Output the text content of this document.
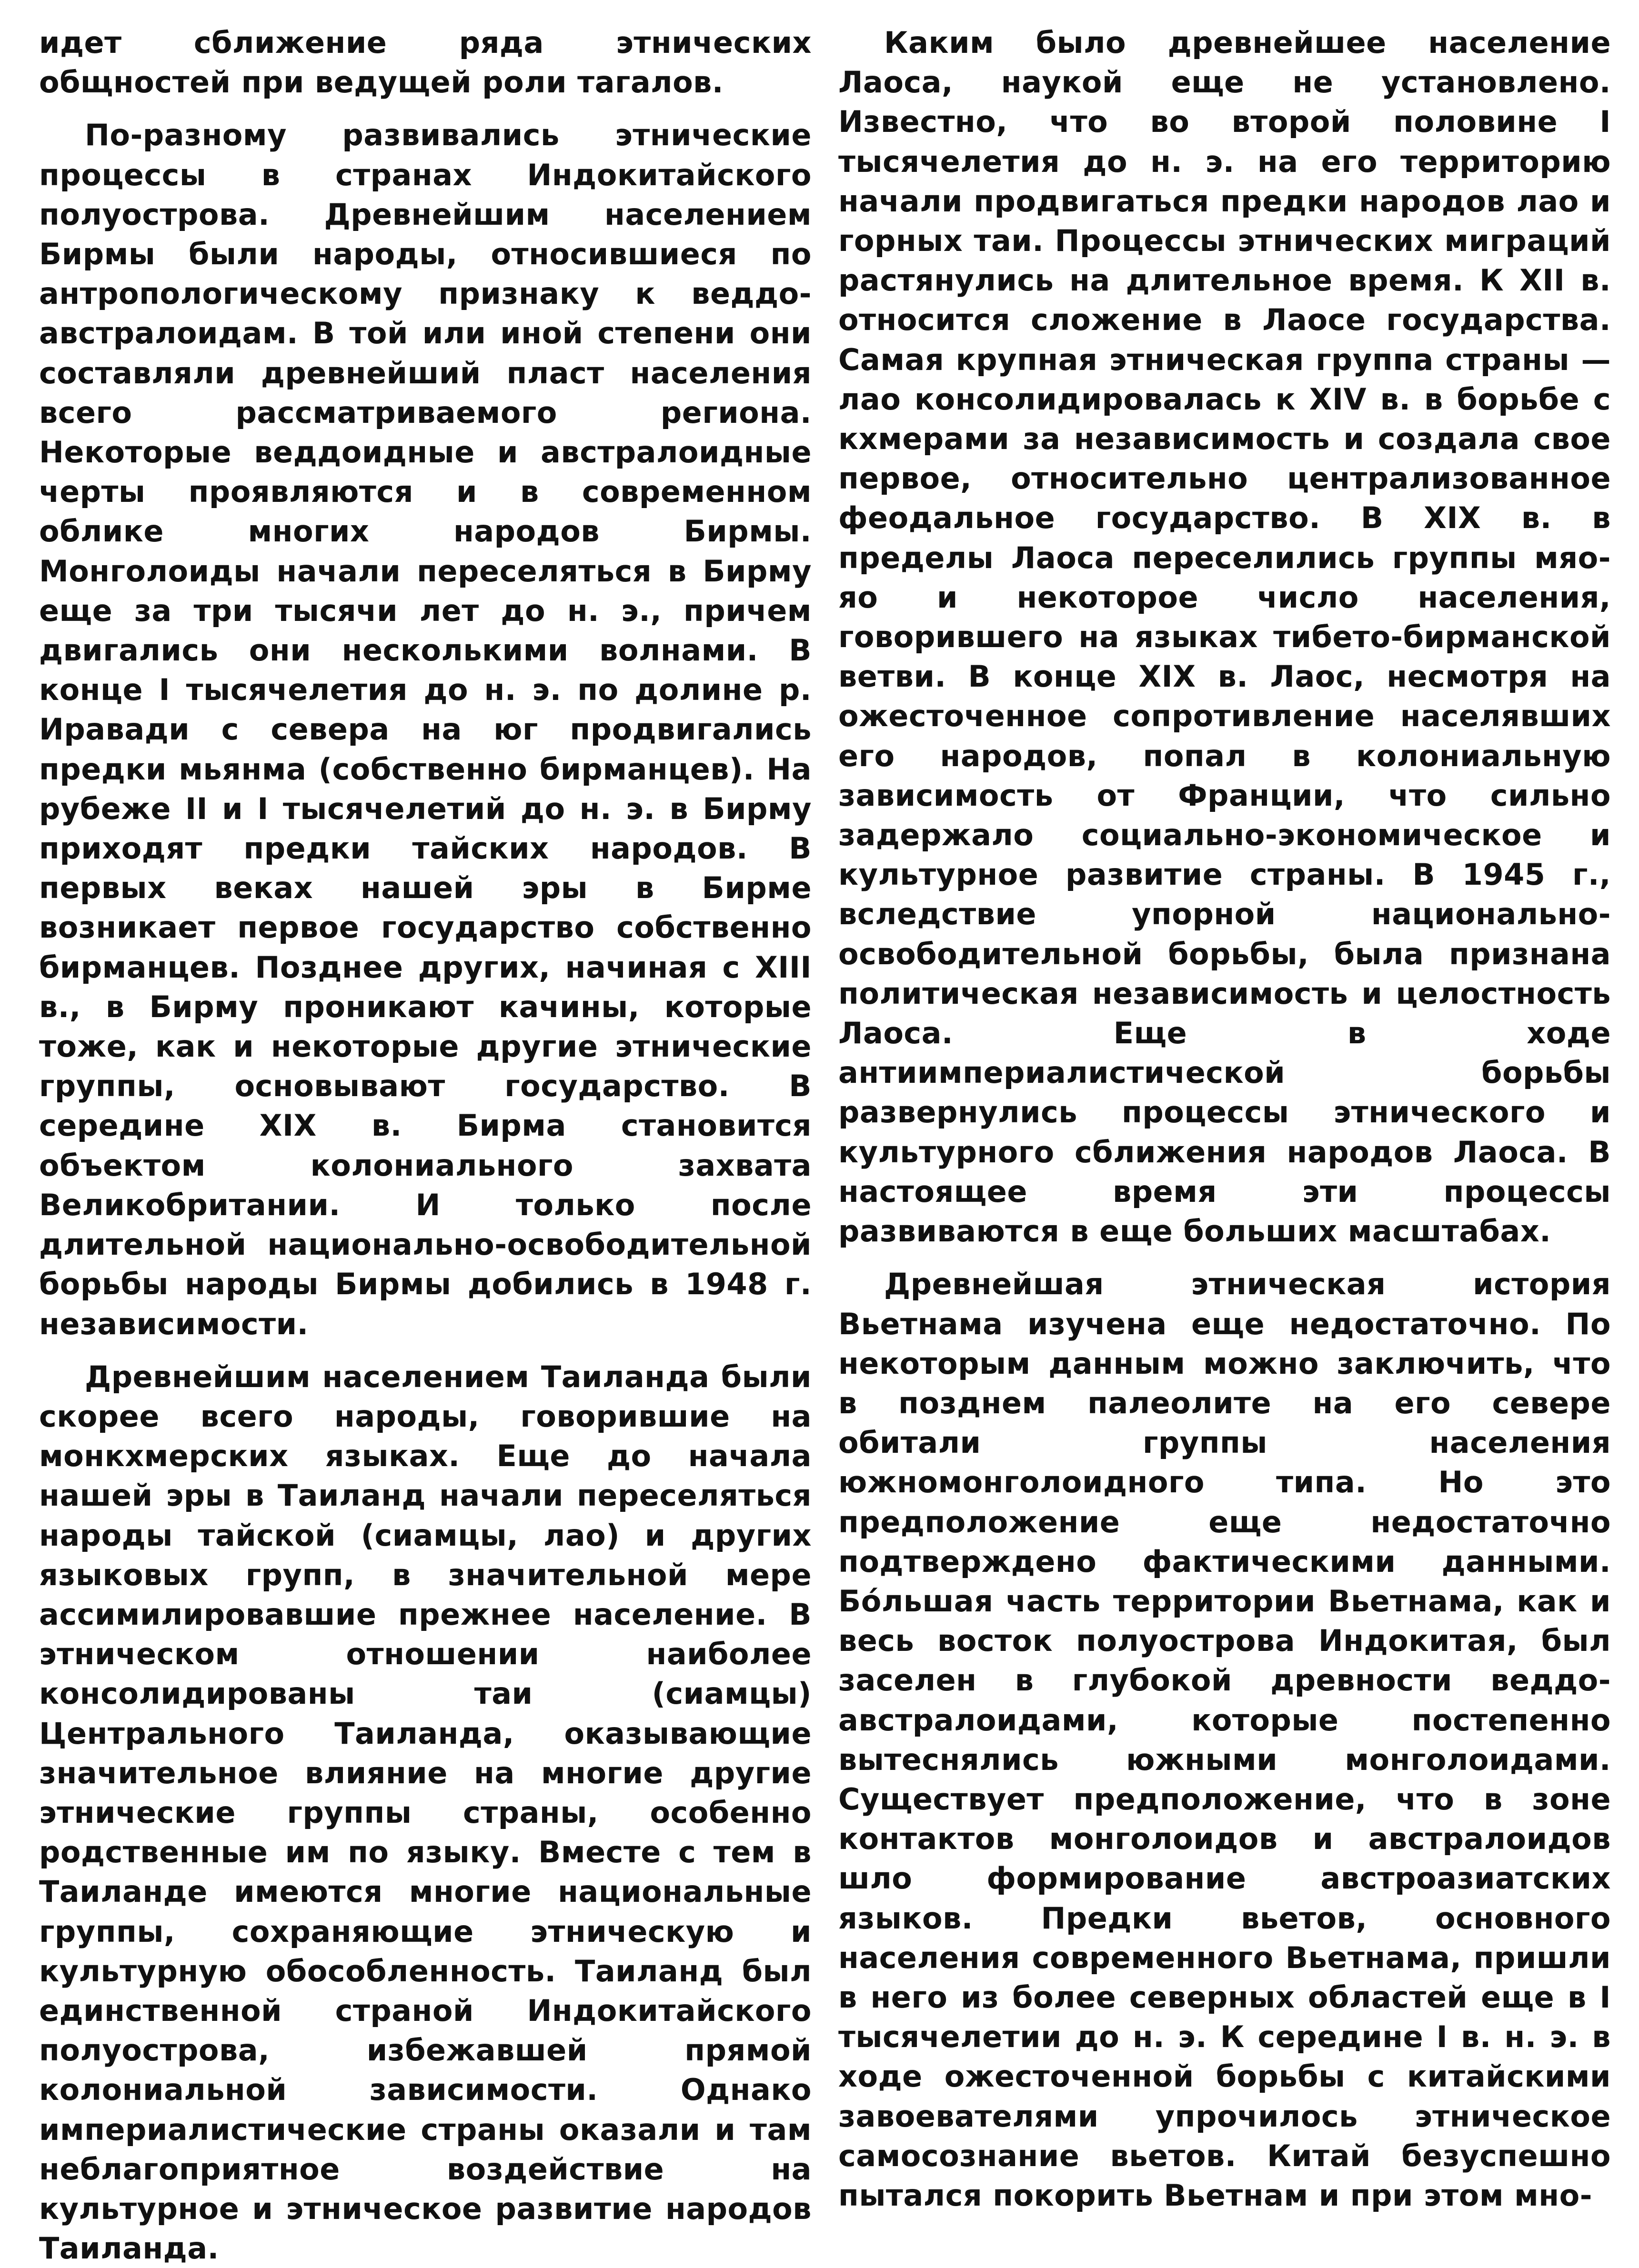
идет сближение ряда этнических общностей при ведущей роли тагалов.

По-разному развивались этнические процессы в странах Индокитайского полуострова. Древнейшим населением Бирмы были народы, относившиеся по антропологическому признаку к веддо-австралоидам. В той или иной степени они составляли древнейший пласт населения всего рассматриваемого региона. Некоторые веддоидные и австралоидные черты проявляются и в современном облике многих народов Бирмы. Монголоиды начали переселяться в Бирму еще за три тысячи лет до н. э., причем двигались они несколькими волнами. В конце I тысячелетия до н. э. по долине р. Иравади с севера на юг продвигались предки мьянма (собственно бирманцев). На рубеже II и I тысячелетий до н. э. в Бирму приходят предки тайских народов. В первых веках нашей эры в Бирме возникает первое государство собственно бирманцев. Позднее других, начиная с XIII в., в Бирму проникают качины, которые тоже, как и некоторые другие этнические группы, основывают государство. В середине XIX в. Бирма становится объектом колониального захвата Великобритании. И только после длительной национально-освободительной борьбы народы Бирмы добились в 1948 г. независимости.

Древнейшим населением Таиланда были скорее всего народы, говорившие на монкхмерских языках. Еще до начала нашей эры в Таиланд начали переселяться народы тайской (сиамцы, лао) и других языковых групп, в значительной мере ассимилировавшие прежнее население. В этническом отношении наиболее консолидированы таи (сиамцы) Центрального Таиланда, оказывающие значительное влияние на многие другие этнические группы страны, особенно родственные им по языку. Вместе с тем в Таиланде имеются многие национальные группы, сохраняющие этническую и культурную обособленность. Таиланд был единственной страной Индокитайского полуострова, избежавшей прямой колониальной зависимости. Однако империалистические страны оказали и там неблагоприятное воздействие на культурное и этническое развитие народов Таиланда.

Каким было древнейшее население Лаоса, наукой еще не установлено. Известно, что во второй половине I тысячелетия до н. э. на его территорию начали продвигаться предки народов лао и горных таи. Процессы этнических миграций растянулись на длительное время. К XII в. относится сложение в Лаосе государства. Самая крупная этническая группа страны — лао консолидировалась к XIV в. в борьбе с кхмерами за независимость и создала свое первое, относительно централизованное феодальное государство. В XIX в. в пределы Лаоса переселились группы мяо-яо и некоторое число населения, говорившего на языках тибето-бирманской ветви. В конце XIX в. Лаос, несмотря на ожесточенное сопротивление населявших его народов, попал в колониальную зависимость от Франции, что сильно задержало социально-экономическое и культурное развитие страны. В 1945 г., вследствие упорной национально-освободительной борьбы, была признана политическая независимость и целостность Лаоса. Еще в ходе антиимпериалистической борьбы развернулись процессы этнического и культурного сближения народов Лаоса. В настоящее время эти процессы развиваются в еще больших масштабах.

Древнейшая этническая история Вьетнама изучена еще недостаточно. По некоторым данным можно заключить, что в позднем палеолите на его севере обитали группы населения южномонголоидного типа. Но это предположение еще недостаточно подтверждено фактическими данными. Бóльшая часть территории Вьетнама, как и весь восток полуострова Индокитая, был заселен в глубокой древности веддо-австралоидами, которые постепенно вытеснялись южными монголоидами. Существует предположение, что в зоне контактов монголоидов и австралоидов шло формирование австроазиатских языков. Предки вьетов, основного населения современного Вьетнама, пришли в него из более северных областей еще в I тысячелетии до н. э. К середине I в. н. э. в ходе ожесточенной борьбы с китайскими завоевателями упрочилось этническое самосознание вьетов. Китай безуспешно пытался покорить Вьетнам и при этом мно-
